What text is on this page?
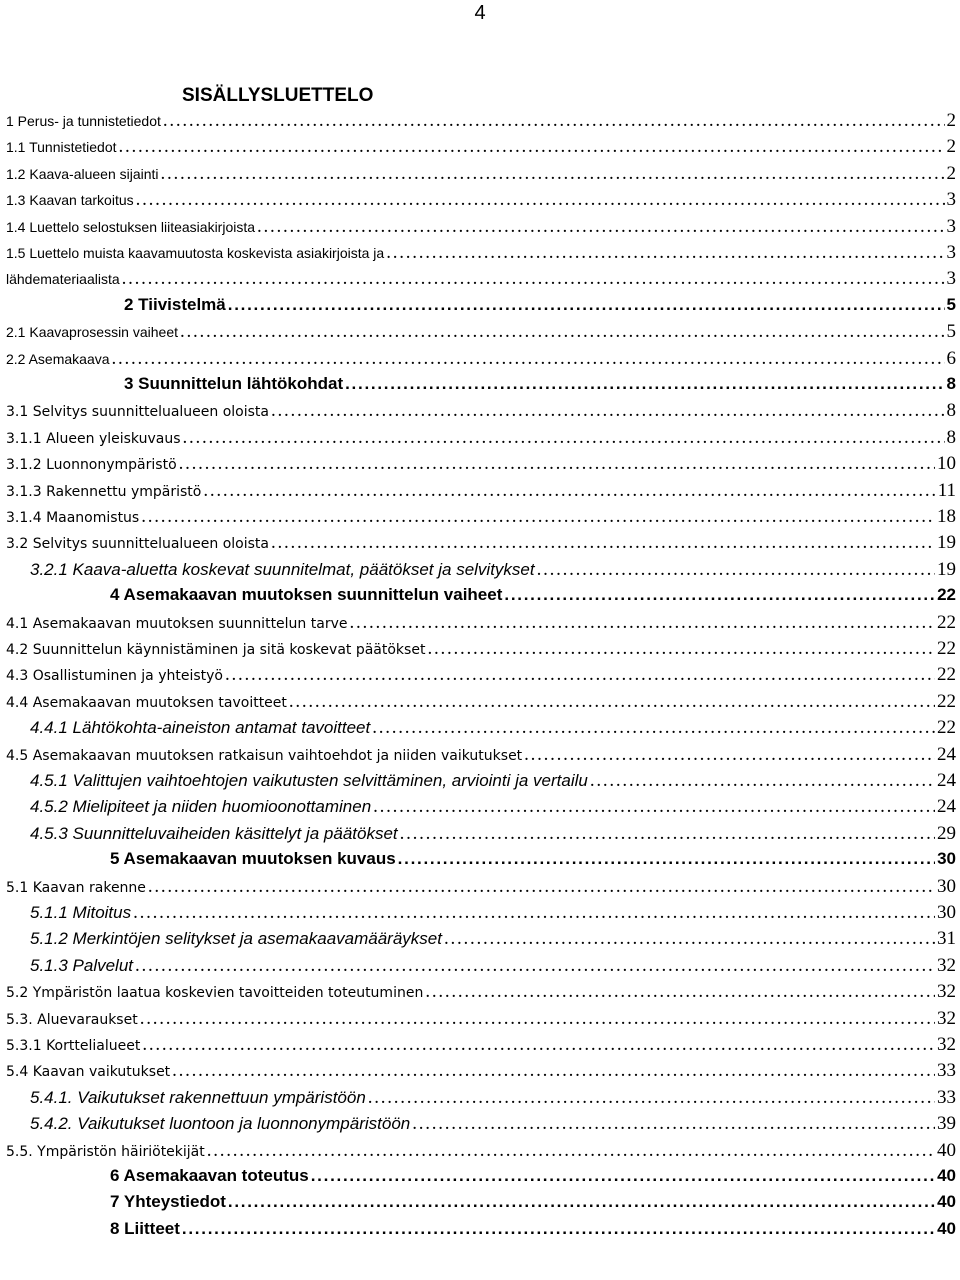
4
SISÄLLYSLUETTELO
1 Perus- ja tunnistetiedot . . .	2
1.1 Tunnistetiedot . . .	2
1.2 Kaava-alueen sijainti . . .	2
1.3 Kaavan tarkoitus . . .	3
1.4 Luettelo selostuksen liiteasiakirjoista . . .	3
1.5 Luettelo muista kaavamuutosta koskevista asiakirjoista ja . . .	3
lähdemateriaalista . . .	3
2 Tiivistelmä . . .	5
2.1 Kaavaprosessin vaiheet . . .	5
2.2 Asemakaava . . .	6
3 Suunnittelun lähtökohdat . . .	8
3.1 Selvitys suunnittelualueen oloista . . .	8
3.1.1 Alueen yleiskuvaus . . .	8
3.1.2 Luonnonympäristö . . .	10
3.1.3 Rakennettu ympäristö . . .	11
3.1.4 Maanomistus . . .	18
3.2 Selvitys suunnittelualueen oloista . . .	19
3.2.1 Kaava-aluetta koskevat suunnitelmat, päätökset ja selvitykset . . .	19
4 Asemakaavan muutoksen suunnittelun vaiheet . . .	22
4.1 Asemakaavan muutoksen suunnittelun tarve . . .	22
4.2 Suunnittelun käynnistäminen ja sitä koskevat päätökset . . .	22
4.3 Osallistuminen ja yhteistyö . . .	22
4.4 Asemakaavan muutoksen tavoitteet . . .	22
4.4.1 Lähtökohta-aineiston antamat tavoitteet . . .	22
4.5 Asemakaavan muutoksen ratkaisun vaihtoehdot ja niiden vaikutukset . . .	24
4.5.1 Valittujen vaihtoehtojen vaikutusten selvittäminen, arviointi ja vertailu . . .	24
4.5.2 Mielipiteet ja niiden huomioonottaminen . . .	24
4.5.3 Suunnitteluvaiheiden käsittelyt ja päätökset . . .	29
5 Asemakaavan muutoksen kuvaus . . .	30
5.1 Kaavan rakenne . . .	30
5.1.1 Mitoitus . . .	30
5.1.2 Merkintöjen selitykset ja asemakaavamääräykset . . .	31
5.1.3 Palvelut . . .	32
5.2 Ympäristön laatua koskevien tavoitteiden toteutuminen . . .	32
5.3. Aluevaraukset . . .	32
5.3.1 Korttelialueet . . .	32
5.4 Kaavan vaikutukset . . .	33
5.4.1. Vaikutukset rakennettuun ympäristöön . . .	33
5.4.2. Vaikutukset luontoon ja luonnonympäristöön . . .	39
5.5. Ympäristön häiriötekijät . . .	40
6 Asemakaavan toteutus . . .	40
7 Yhteystiedot . . .	40
8 Liitteet . . .	40
